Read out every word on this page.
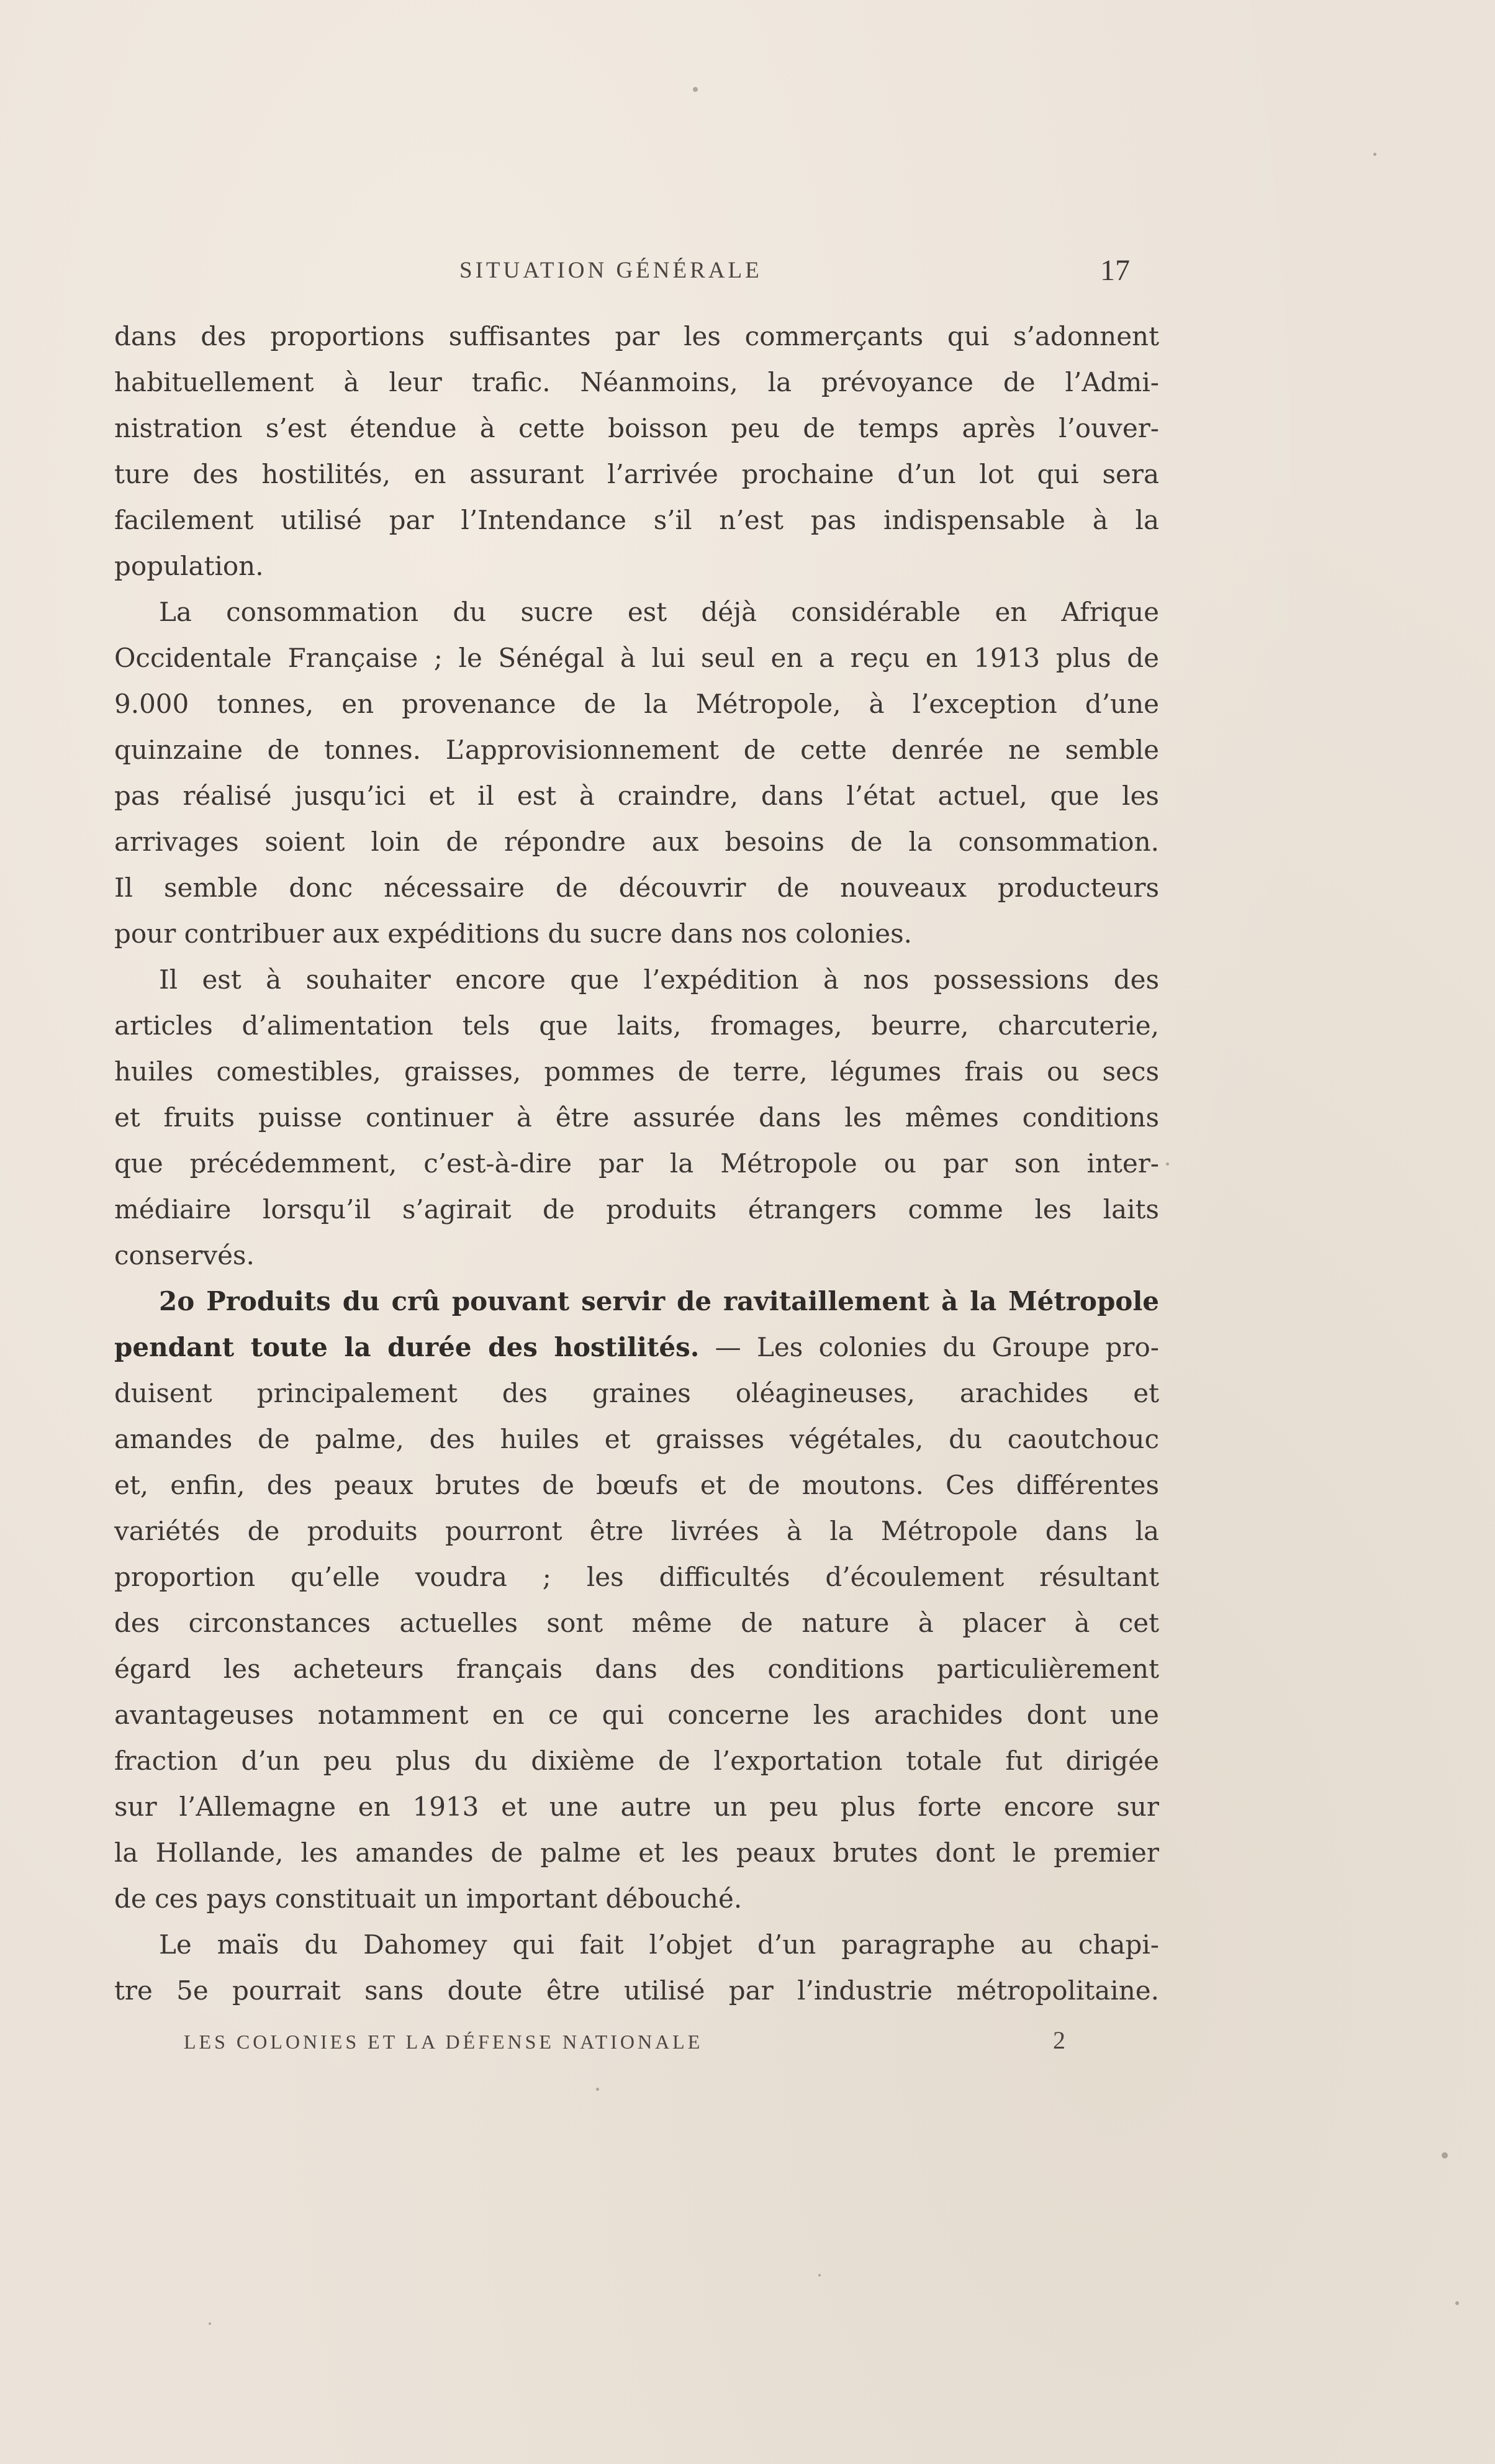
SITUATION GÉNÉRALE	17
dans des proportions suffisantes par les commerçants qui s’adonnent
habituellement à leur trafic. Néanmoins, la prévoyance de l’Admi-
nistration s’est étendue à cette boisson peu de temps après l’ouver-
ture des hostilités, en assurant l’arrivée prochaine d’un lot qui sera
facilement utilisé par l’Intendance s’il n’est pas indispensable à la
population.
La consommation du sucre est déjà considérable en Afrique
Occidentale Française ; le Sénégal à lui seul en a reçu en 1913 plus de
9.000 tonnes, en provenance de la Métropole, à l’exception d’une
quinzaine de tonnes. L’approvisionnement de cette denrée ne semble
pas réalisé jusqu’ici et il est à craindre, dans l’état actuel, que les
arrivages soient loin de répondre aux besoins de la consommation.
Il semble donc nécessaire de découvrir de nouveaux producteurs
pour contribuer aux expéditions du sucre dans nos colonies.
Il est à souhaiter encore que l’expédition à nos possessions des
articles d’alimentation tels que laits, fromages, beurre, charcuterie,
huiles comestibles, graisses, pommes de terre, légumes frais ou secs
et fruits puisse continuer à être assurée dans les mêmes conditions
que précédemment, c’est-à-dire par la Métropole ou par son inter-
médiaire lorsqu’il s’agirait de produits étrangers comme les laits
conservés.
2o Produits du crû pouvant servir de ravitaillement à la Métropole
pendant toute la durée des hostilités. — Les colonies du Groupe pro-
duisent principalement des graines oléagineuses, arachides et
amandes de palme, des huiles et graisses végétales, du caoutchouc
et, enfin, des peaux brutes de bœufs et de moutons. Ces différentes
variétés de produits pourront être livrées à la Métropole dans la
proportion qu’elle voudra ; les difficultés d’écoulement résultant
des circonstances actuelles sont même de nature à placer à cet
égard les acheteurs français dans des conditions particulièrement
avantageuses notamment en ce qui concerne les arachides dont une
fraction d’un peu plus du dixième de l’exportation totale fut dirigée
sur l’Allemagne en 1913 et une autre un peu plus forte encore sur
la Hollande, les amandes de palme et les peaux brutes dont le premier
de ces pays constituait un important débouché.
Le maïs du Dahomey qui fait l’objet d’un paragraphe au chapi-
tre 5e pourrait sans doute être utilisé par l’industrie métropolitaine.
LES COLONIES ET LA DÉFENSE NATIONALE	2
